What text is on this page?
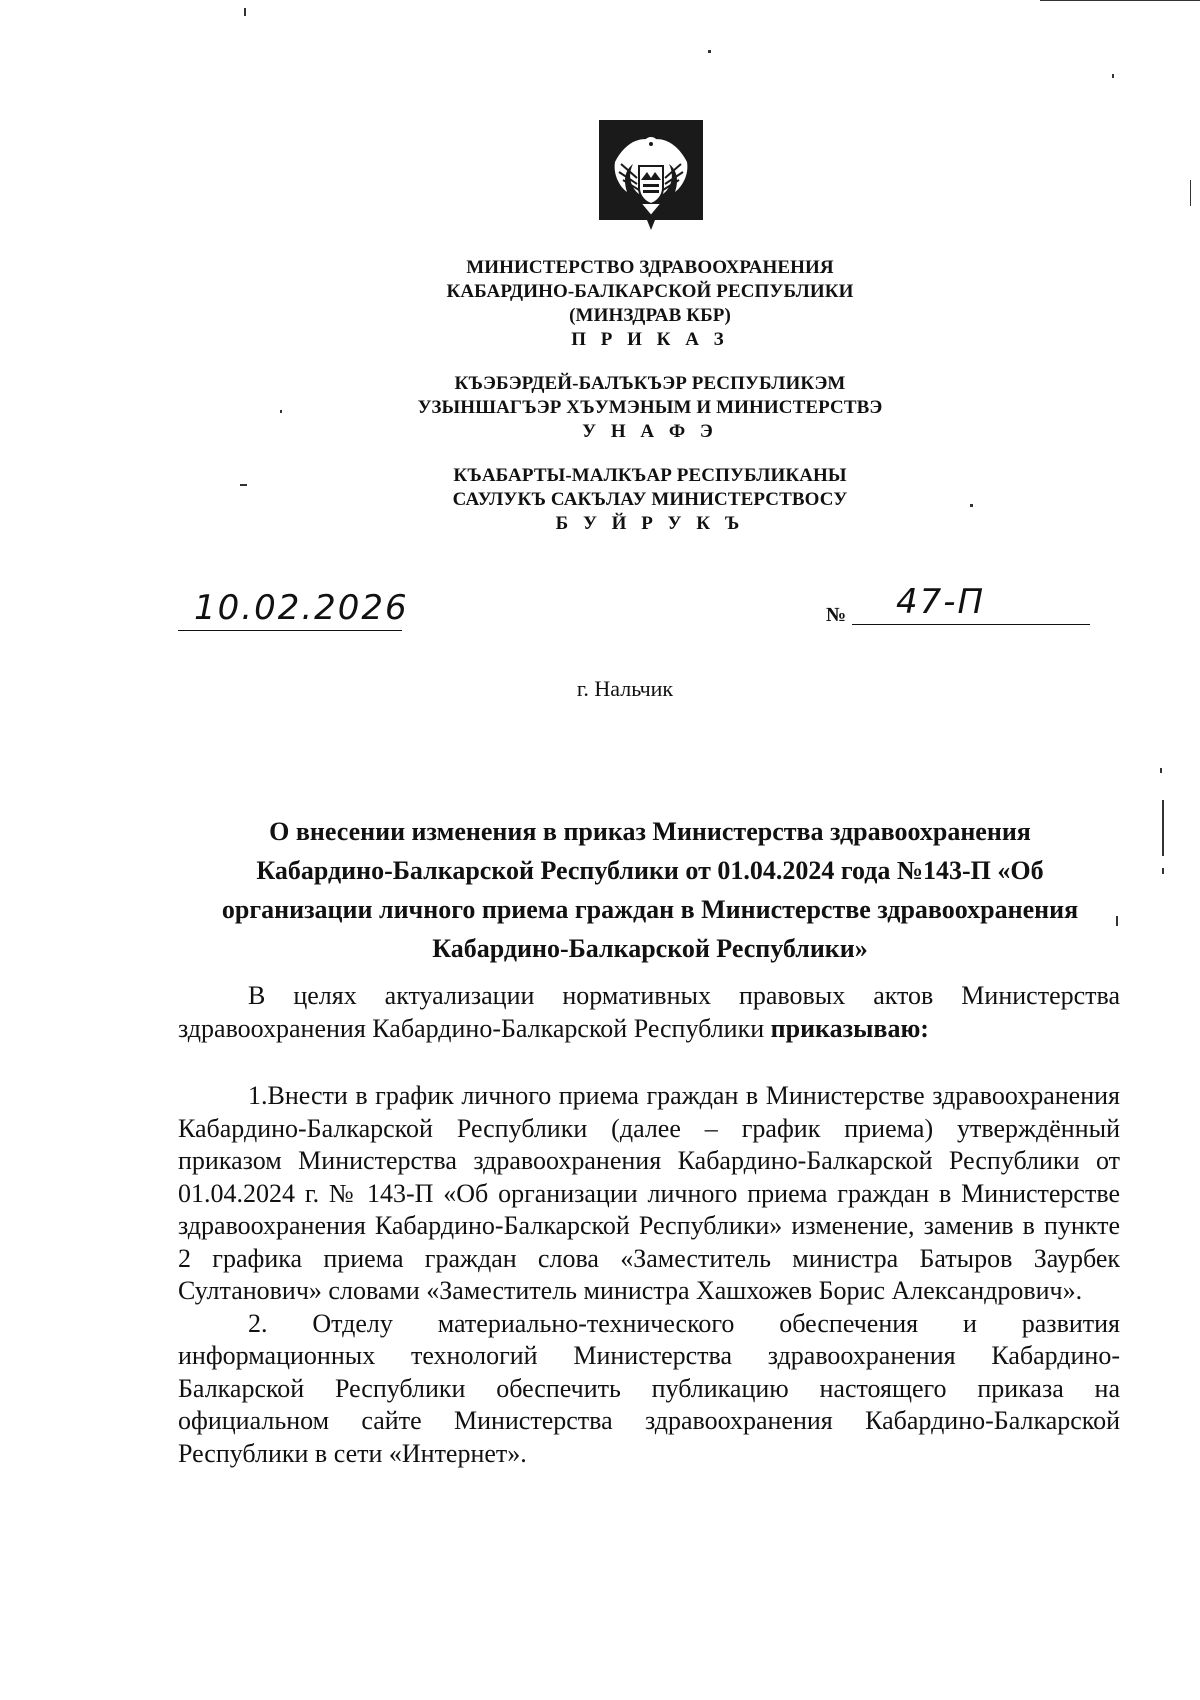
МИНИСТЕРСТВО ЗДРАВООХРАНЕНИЯ
КАБАРДИНО-БАЛКАРСКОЙ РЕСПУБЛИКИ
(МИНЗДРАВ КБР)
П Р И К А З
КЪЭБЭРДЕЙ-БАЛЪКЪЭР РЕСПУБЛИКЭМ
УЗЫНШАГЪЭР ХЪУМЭНЫМ И МИНИСТЕРСТВЭ
У Н А Ф Э
КЪАБАРТЫ-МАЛКЪАР РЕСПУБЛИКАНЫ
САУЛУКЪ САКЪЛАУ МИНИСТЕРСТВОСУ
Б У Й Р У К Ъ
10.02.2026	№ 47-П
г. Нальчик
О внесении изменения в приказ Министерства здравоохранения
Кабардино-Балкарской Республики от 01.04.2024 года №143-П «Об
организации личного приема граждан в Министерстве здравоохранения
Кабардино-Балкарской Республики»

В целях актуализации нормативных правовых актов Министерства здравоохранения Кабардино-Балкарской Республики приказываю:

1.Внести в график личного приема граждан в Министерстве здравоохранения Кабардино-Балкарской Республики (далее – график приема) утверждённый приказом Министерства здравоохранения Кабардино-Балкарской Республики от 01.04.2024 г. № 143-П «Об организации личного приема граждан в Министерстве здравоохранения Кабардино-Балкарской Республики» изменение, заменив в пункте 2 графика приема граждан слова «Заместитель министра Батыров Заурбек Султанович» словами «Заместитель министра Хашхожев Борис Александрович».

2. Отделу материально-технического обеспечения и развития информационных технологий Министерства здравоохранения Кабардино-Балкарской Республики обеспечить публикацию настоящего приказа на официальном сайте Министерства здравоохранения Кабардино-Балкарской Республики в сети «Интернет».
